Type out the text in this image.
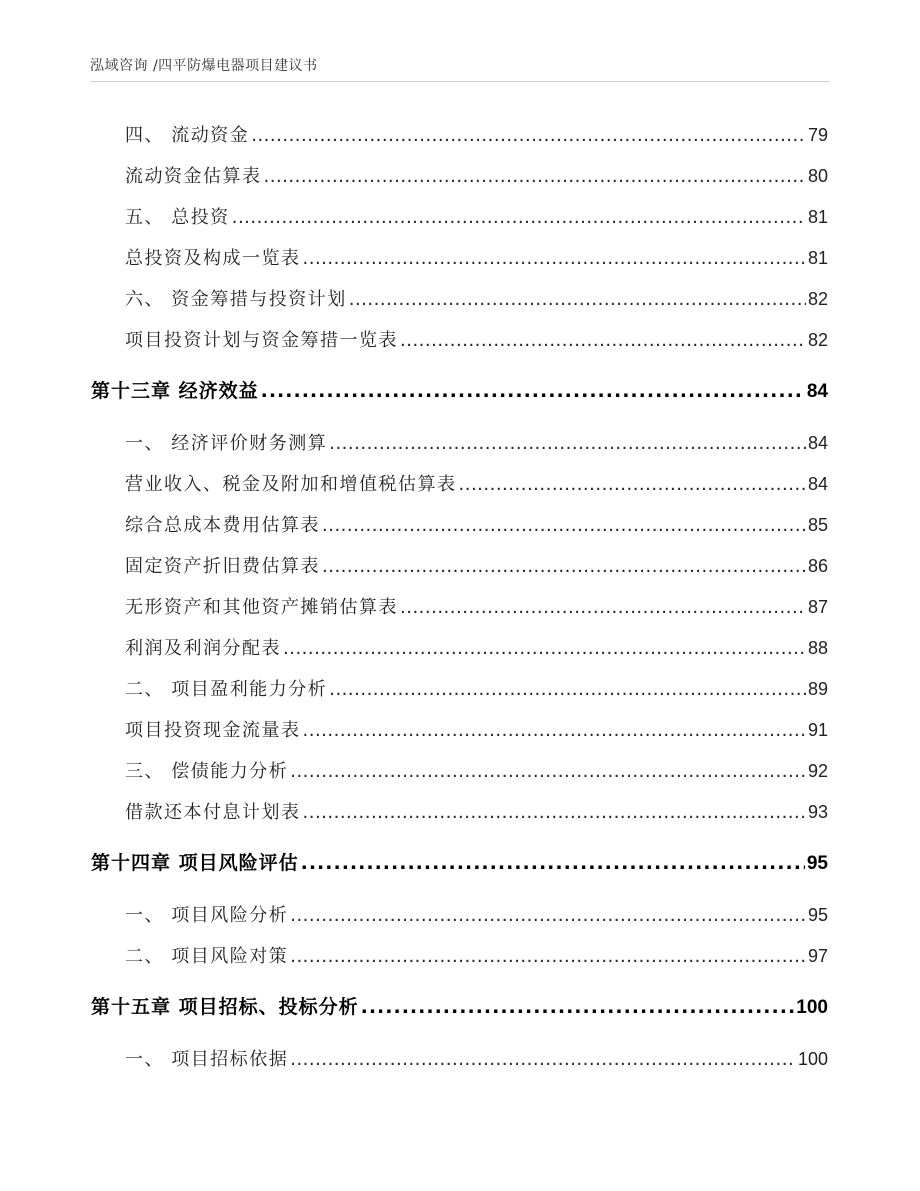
泓域咨询 /四平防爆电器项目建议书
四、 流动资金 .....	79
流动资金估算表 .....	80
五、 总投资 .....	81
总投资及构成一览表 .....	81
六、 资金筹措与投资计划 .....	82
项目投资计划与资金筹措一览表 .....	82
第十三章 经济效益 .....	84
一、 经济评价财务测算 .....	84
营业收入、税金及附加和增值税估算表 .....	84
综合总成本费用估算表 .....	85
固定资产折旧费估算表 .....	86
无形资产和其他资产摊销估算表 .....	87
利润及利润分配表 .....	88
二、 项目盈利能力分析 .....	89
项目投资现金流量表 .....	91
三、 偿债能力分析 .....	92
借款还本付息计划表 .....	93
第十四章 项目风险评估 .....	95
一、 项目风险分析 .....	95
二、 项目风险对策 .....	97
第十五章 项目招标、投标分析 .....	100
一、 项目招标依据 .....	100
